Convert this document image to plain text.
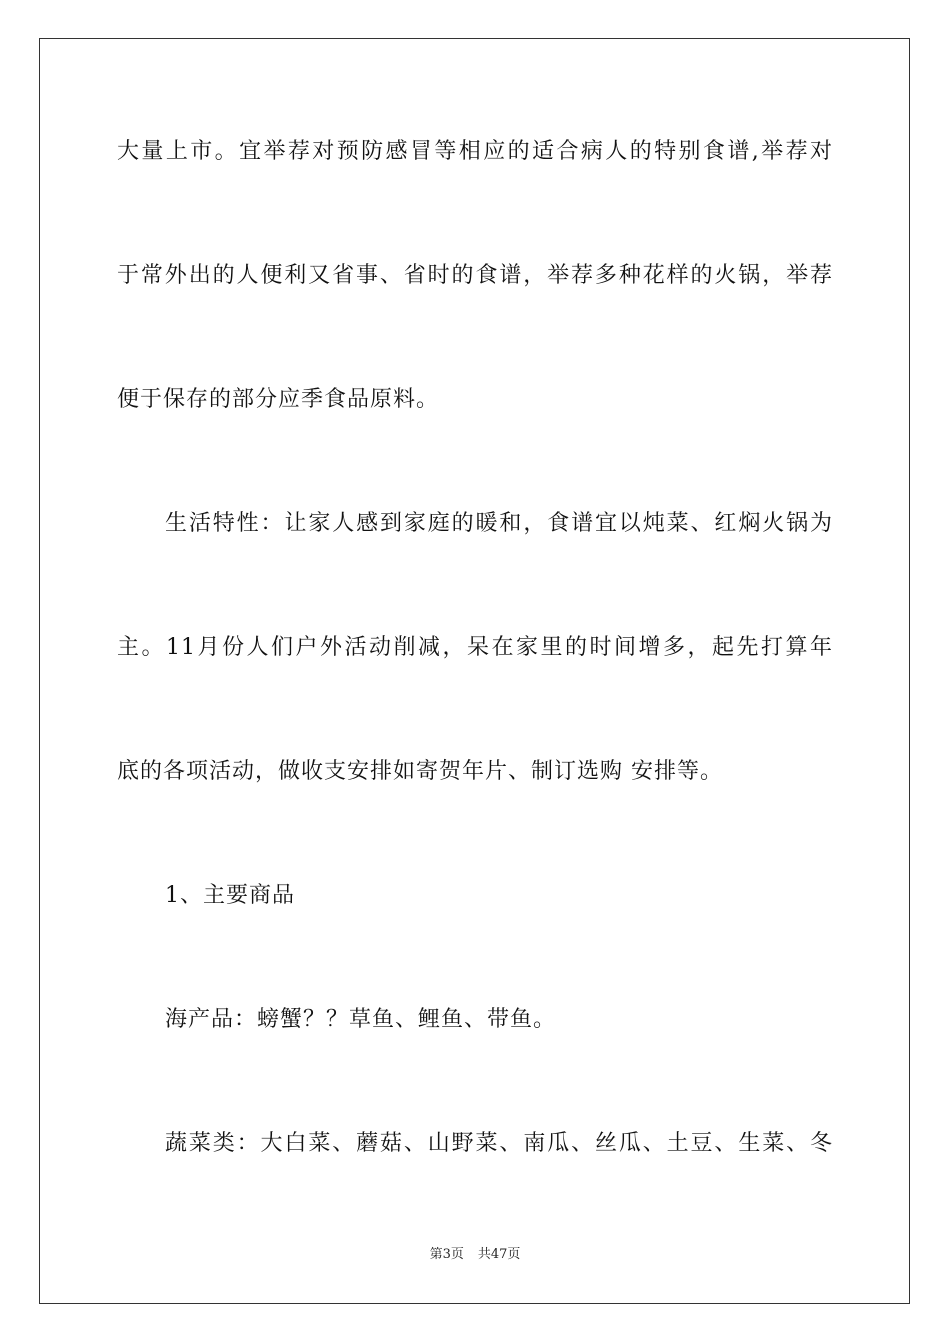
大量上市。宜举荐对预防感冒等相应的适合病人的特别食谱,举荐对
于常外出的人便利又省事、省时的食谱，举荐多种花样的火锅，举荐
便于保存的部分应季食品原料。
生活特性：让家人感到家庭的暖和，食谱宜以炖菜、红焖火锅为
主。11月份人们户外活动削减，呆在家里的时间增多，起先打算年
底的各项活动，做收支安排如寄贺年片、制订选购 安排等。
1、主要商品
海产品：螃蟹？？草鱼、鲤鱼、带鱼。
蔬菜类：大白菜、蘑菇、山野菜、南瓜、丝瓜、土豆、生菜、冬
第3页 共47页
